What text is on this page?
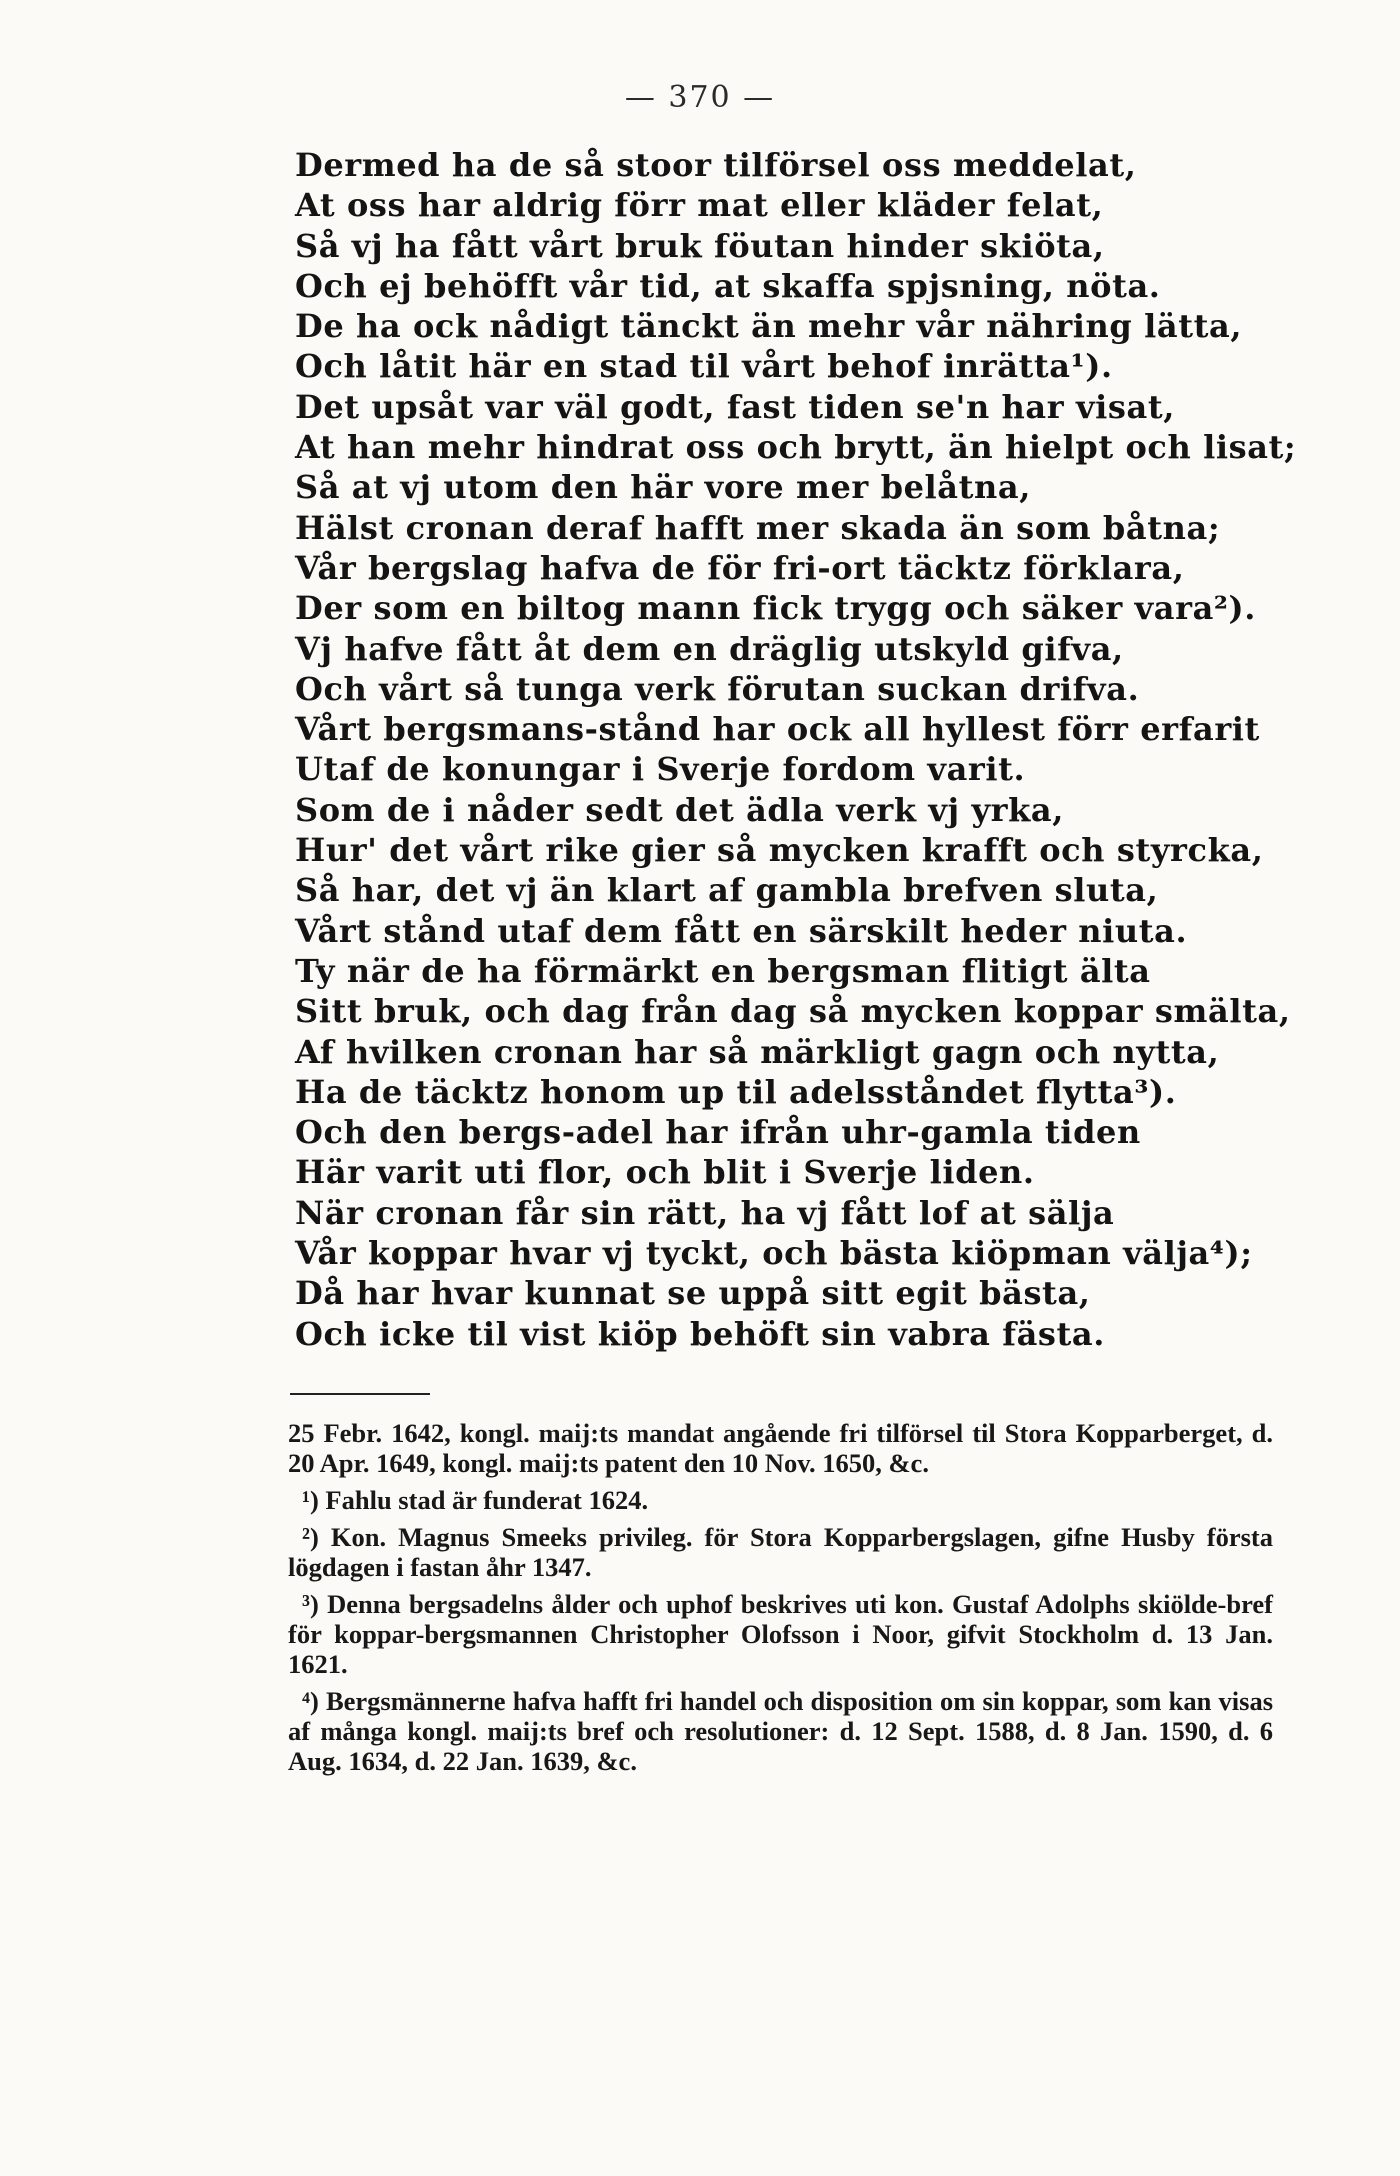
— 370 —
Dermed ha de så stoor tilförsel oss meddelat,
At oss har aldrig förr mat eller kläder felat,
Så vj ha fått vårt bruk föutan hinder skiöta,
Och ej behöfft vår tid, at skaffa spjsning, nöta.
De ha ock nådigt tänckt än mehr vår nähring lätta,
Och låtit här en stad til vårt behof inrätta¹).
Det upsåt var väl godt, fast tiden se'n har visat,
At han mehr hindrat oss och brytt, än hielpt och lisat;
Så at vj utom den här vore mer belåtna,
Hälst cronan deraf hafft mer skada än som båtna;
Vår bergslag hafva de för fri-ort täcktz förklara,
Der som en biltog mann fick trygg och säker vara²).
Vj hafve fått åt dem en dräglig utskyld gifva,
Och vårt så tunga verk förutan suckan drifva.
Vårt bergsmans-stånd har ock all hyllest förr erfarit
Utaf de konungar i Sverje fordom varit.
Som de i nåder sedt det ädla verk vj yrka,
Hur' det vårt rike gier så mycken krafft och styrcka,
Så har, det vj än klart af gambla brefven sluta,
Vårt stånd utaf dem fått en särskilt heder niuta.
Ty när de ha förmärkt en bergsman flitigt älta
Sitt bruk, och dag från dag så mycken koppar smälta,
Af hvilken cronan har så märkligt gagn och nytta,
Ha de täcktz honom up til adelsståndet flytta³).
Och den bergs-adel har ifrån uhr-gamla tiden
Här varit uti flor, och blit i Sverje liden.
När cronan får sin rätt, ha vj fått lof at sälja
Vår koppar hvar vj tyckt, och bästa kiöpman välja⁴);
Då har hvar kunnat se uppå sitt egit bästa,
Och icke til vist kiöp behöft sin vabra fästa.

25 Febr. 1642, kongl. maij:ts mandat angående fri tilförsel til Stora Kopparberget, d. 20 Apr. 1649, kongl. maij:ts patent den 10 Nov. 1650, &c.

¹) Fahlu stad är funderat 1624.

²) Kon. Magnus Smeeks privileg. för Stora Kopparbergslagen, gifne Husby första lögdagen i fastan åhr 1347.

³) Denna bergsadelns ålder och uphof beskrives uti kon. Gustaf Adolphs skiölde-bref för koppar-bergsmannen Christopher Olofsson i Noor, gifvit Stockholm d. 13 Jan. 1621.

⁴) Bergsmännerne hafva hafft fri handel och disposition om sin koppar, som kan visas af många kongl. maij:ts bref och resolutioner: d. 12 Sept. 1588, d. 8 Jan. 1590, d. 6 Aug. 1634, d. 22 Jan. 1639, &c.
